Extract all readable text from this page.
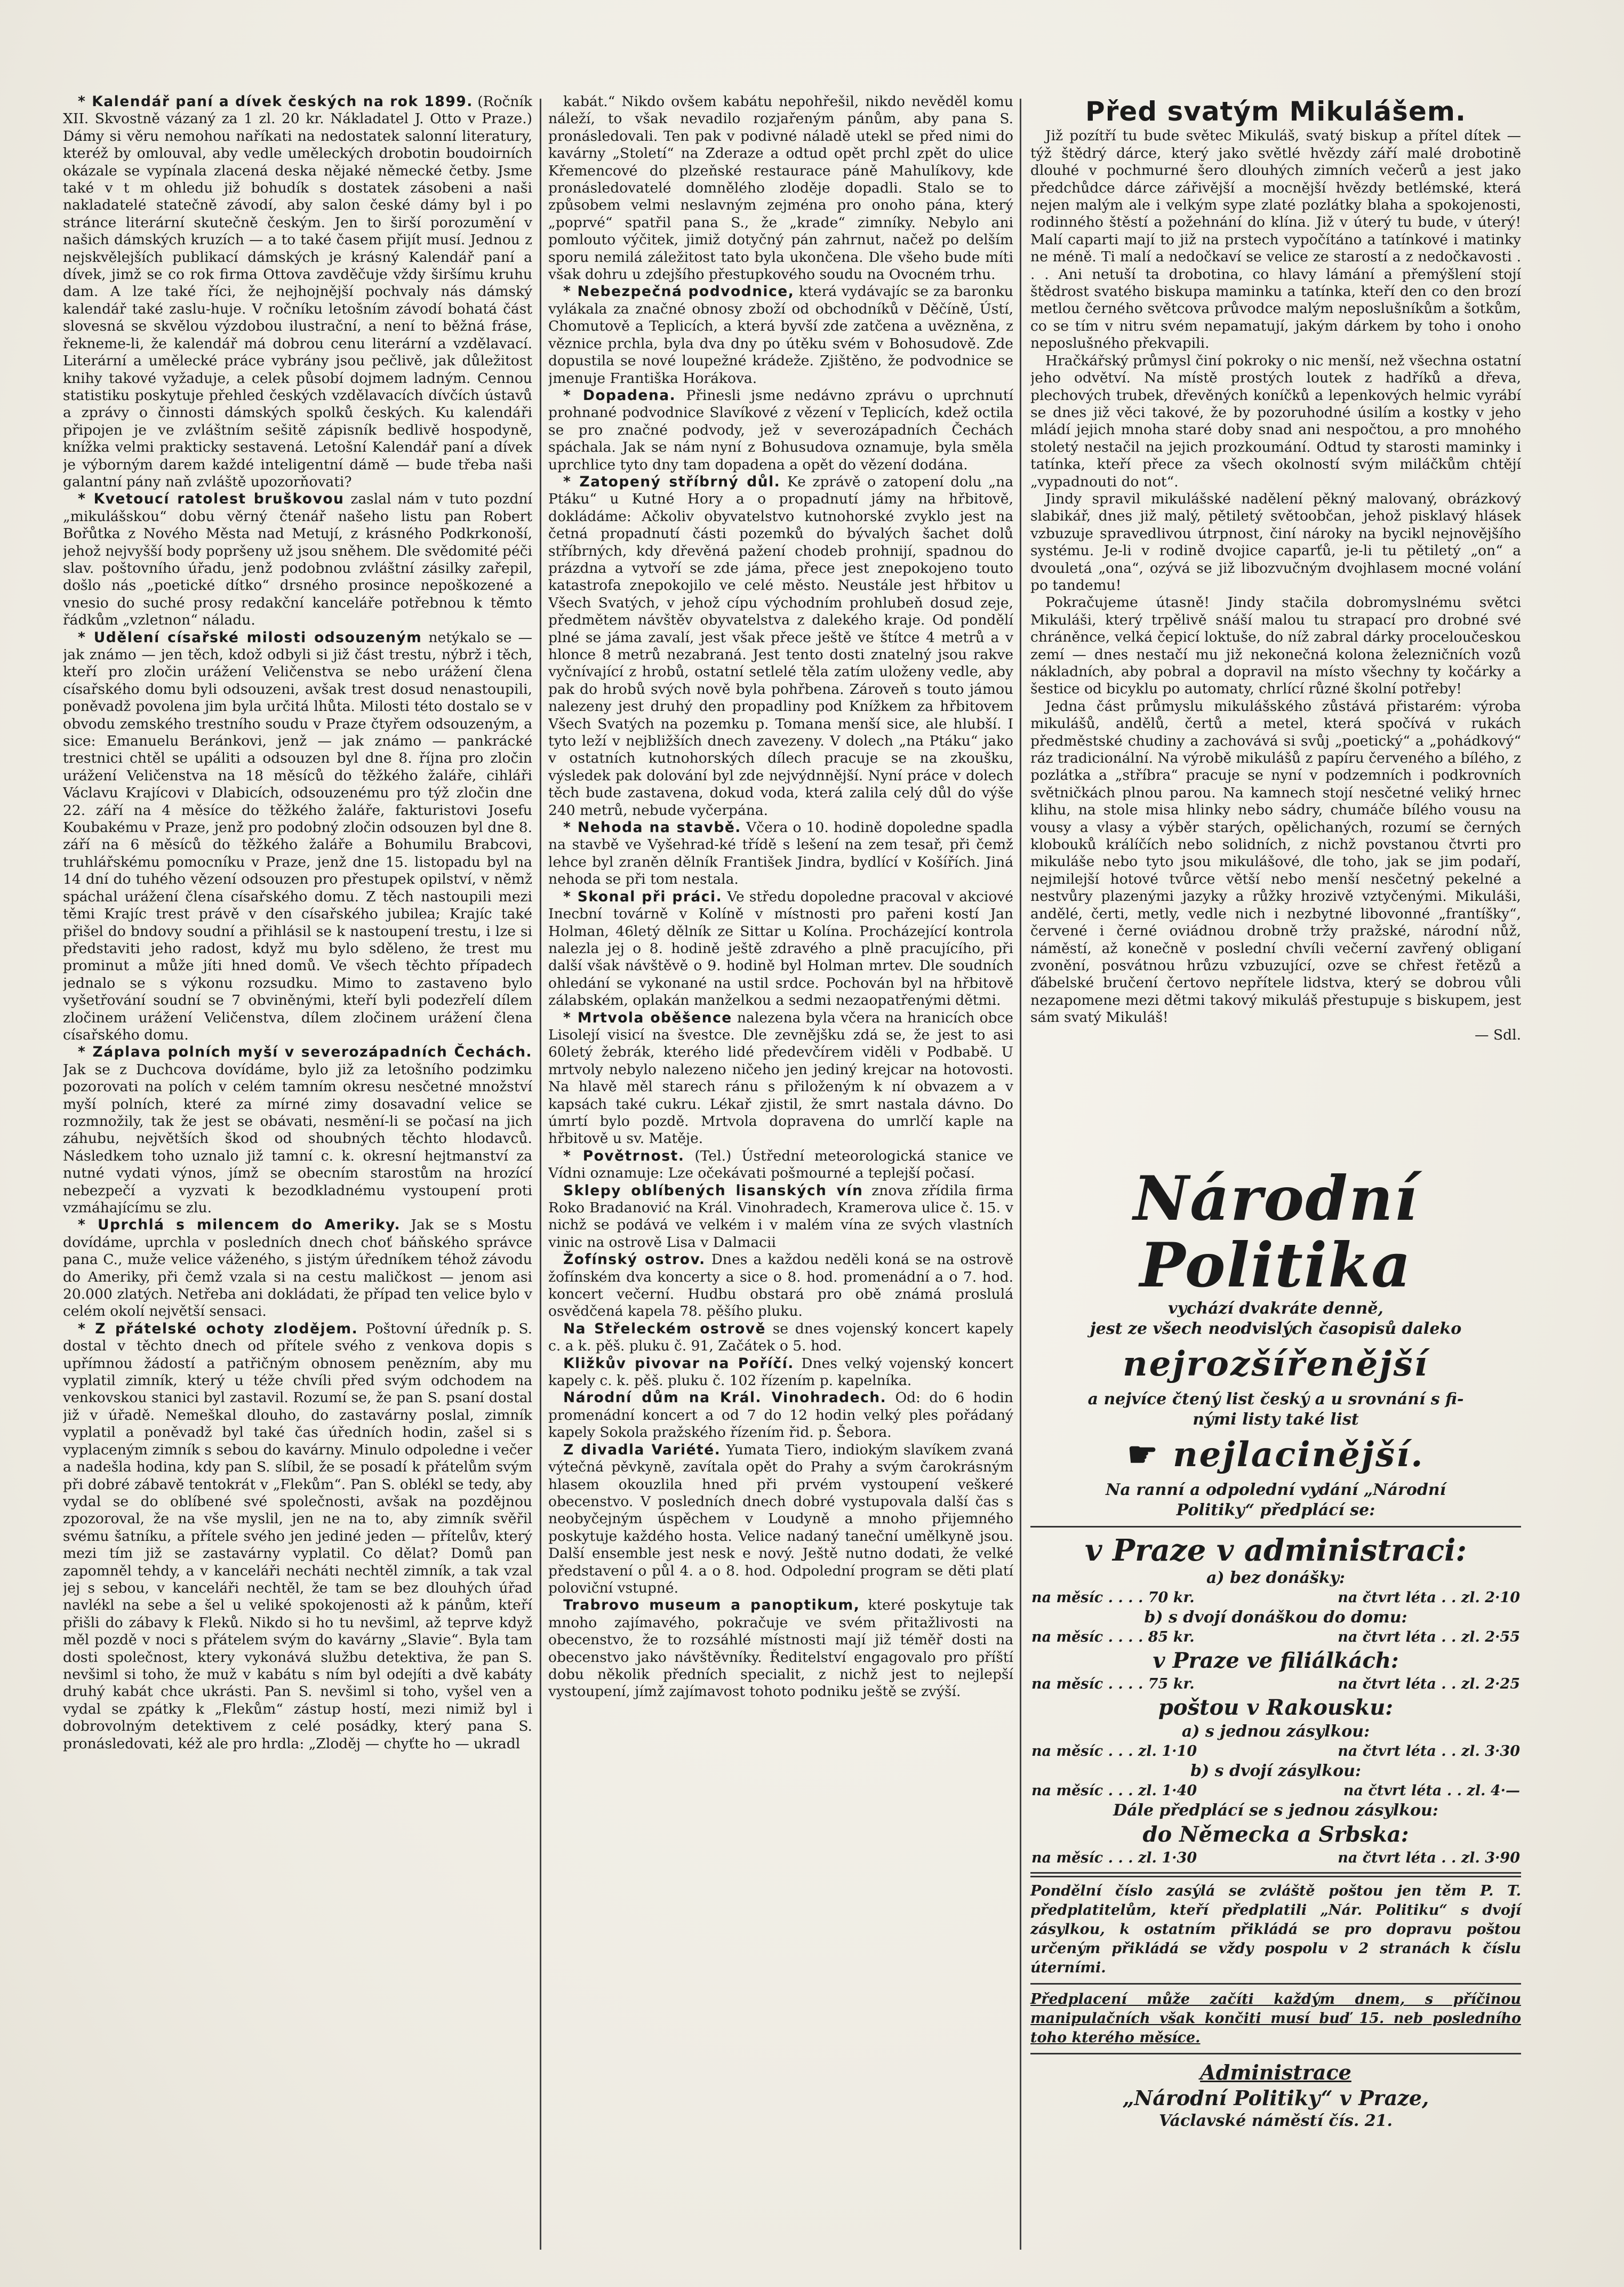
* Kalendář paní a dívek českých na rok 1899. (Ročník XII. Skvostně vázaný za 1 zl. 20 kr. Nákladatel J. Otto v Praze.) Dámy si věru nemohou naříkati na nedostatek salonní literatury, kteréž by omlouval, aby vedle uměleckých drobotin boudoirních okázale se vypínala zlacená deska nějaké německé četby. Jsme také v t m ohledu již bohudík s dostatek zásobeni a naši nakladatelé statečně závodí, aby salon české dámy byl i po stránce literární skutečně českým. Jen to širší porozumění v našich dámských kruzích — a to také časem přijít musí. Jednou z nejskvělejších publikací dámských je krásný Kalendář paní a dívek, jimž se co rok firma Ottova zavděčuje vždy širšímu kruhu dam. A lze také říci, že nejhojnější pochvaly nás dámský kalendář také zaslu-huje. V ročníku letošním závodí bohatá část slovesná se skvělou výzdobou ilustrační, a není to běžná fráse, řekneme-li, že kalendář má dobrou cenu literární a vzdělavací. Literární a umělecké práce vybrány jsou pečlivě, jak důležitost knihy takové vyžaduje, a celek působí dojmem ladným. Cennou statistiku poskytuje přehled českých vzdělavacích dívčích ústavů a zprávy o činnosti dámských spolků českých. Ku kalendáři připojen je ve zvláštním sešitě zápisník bedlivě hospodyně, knížka velmi prakticky sestavená. Letošní Kalendář paní a dívek je výborným darem každé inteligentní dámě — bude třeba naši galantní pány naň zvláště upozorňovati?

* Kvetoucí ratolest bruškovou zaslal nám v tuto pozdní „mikulášskou“ dobu věrný čtenář našeho listu pan Robert Bořůtka z Nového Města nad Metují, z krásného Podkrkonoší, jehož nejvyšší body popršeny už jsou sněhem. Dle svědomité péči slav. poštovního úřadu, jenž podobnou zvláštní zásilky zařepil, došlo nás „poetické dítko“ drsného prosince nepoškozené a vnesio do suché prosy redakční kanceláře potřebnou k těmto řádkům „vzletnon“ náladu.

* Udělení císařské milosti odsouzeným netýkalo se — jak známo — jen těch, kdož odbyli si již část trestu, nýbrž i těch, kteří pro zločin urážení Veličenstva se nebo urážení člena císařského domu byli odsouzeni, avšak trest dosud nenastoupili, poněvadž povolena jim byla určitá lhůta. Milosti této dostalo se v obvodu zemského trestního soudu v Praze čtyřem odsouzeným, a sice: Emanuelu Beránkovi, jenž — jak známo — pankrácké trestnici chtěl se upáliti a odsouzen byl dne 8. října pro zločin urážení Veličenstva na 18 měsíců do těžkého žaláře, cihláři Václavu Krajícovi v Dlabicích, odsouzenému pro týž zločin dne 22. září na 4 měsíce do těžkého žaláře, fakturistovi Josefu Koubakému v Praze, jenž pro podobný zločin odsouzen byl dne 8. září na 6 měsíců do těžkého žaláře a Bohumilu Brabcovi, truhlářskému pomocníku v Praze, jenž dne 15. listopadu byl na 14 dní do tuhého vězení odsouzen pro přestupek opilství, v němž spáchal urážení člena císařského domu. Z těch nastoupili mezi těmi Krajíc trest právě v den císařského jubilea; Krajíc také přišel do bndovy soudní a přihlásil se k nastoupení trestu, i lze si představiti jeho radost, když mu bylo sděleno, že trest mu prominut a může jíti hned domů. Ve všech těchto případech jednalo se s výkonu rozsudku. Mimo to zastaveno bylo vyšetřování soudní se 7 obviněnými, kteří byli podezřelí dílem zločinem urážení Veličenstva, dílem zločinem urážení člena císařského domu.

* Záplava polních myší v severozápadních Čechách. Jak se z Duchcova dovídáme, bylo již za letošního podzimku pozorovati na polích v celém tamním okresu nesčetné množství myší polních, které za mírné zimy dosavadní velice se rozmnožily, tak že jest se obávati, nesmění-li se počasí na jich záhubu, největších škod od shoubných těchto hlodavců. Následkem toho uznalo již tamní c. k. okresní hejtmanství za nutné vydati výnos, jímž se obecním starostům na hrozící nebezpečí a vyzvati k bezodkladnému vystoupení proti vzmáhajícímu se zlu.

* Uprchlá s milencem do Ameriky. Jak se s Mostu dovídáme, uprchla v posledních dnech choť báňského správce pana C., muže velice váženého, s jistým úředníkem téhož závodu do Ameriky, při čemž vzala si na cestu maličkost — jenom asi 20.000 zlatých. Netřeba ani dokládati, že případ ten velice bylo v celém okolí největší sensaci.

* Z přátelské ochoty zlodějem. Poštovní úředník p. S. dostal v těchto dnech od přítele svého z venkova dopis s upřímnou žádostí a patřičným obnosem penězním, aby mu vyplatil zimník, který u téže chvíli před svým odchodem na venkovskou stanici byl zastavil. Rozumí se, že pan S. psaní dostal již v úřadě. Nemeškal dlouho, do zastavárny poslal, zimník vyplatil a poněvadž byl také čas úředních hodin, zašel si s vyplaceným zimník s sebou do kavárny. Minulo odpoledne i večer a nadešla hodina, kdy pan S. slíbil, že se posadí k přátelům svým při dobré zábavě tentokrát v „Flekům“. Pan S. oblékl se tedy, aby vydal se do oblíbené své společnosti, avšak na pozdějnou zpozoroval, že na vše myslil, jen ne na to, aby zimník svěřil svému šatníku, a přítele svého jen jediné jeden — přítelův, který mezi tím již se zastavárny vyplatil. Co dělat? Domů pan zapomněl tehdy, a v kanceláři necháti nechtěl zimník, a tak vzal jej s sebou, v kanceláři nechtěl, že tam se bez dlouhých úřad navlékl na sebe a šel u veliké spokojenosti až k pánům, kteří přišli do zábavy k Fleků. Nikdo si ho tu nevšiml, až teprve když měl pozdě v noci s přátelem svým do kavárny „Slavie“. Byla tam dosti společnost, ktery vykonává službu detektiva, že pan S. nevšiml si toho, že muž v kabátu s ním byl odejíti a dvě kabáty druhý kabát chce ukrásti. Pan S. nevšiml si toho, vyšel ven a vydal se zpátky k „Flekům“ zástup hostí, mezi nimiž byl i dobrovolným detektivem z celé posádky, který pana S. pronásledovati, kéž ale pro hrdla: „Zloděj — chyťte ho — ukradl

kabát.“ Nikdo ovšem kabátu nepohřešil, nikdo nevěděl komu náleží, to však nevadilo rozjařeným pánům, aby pana S. pronásledovali. Ten pak v podivné náladě utekl se před nimi do kavárny „Století“ na Zderaze a odtud opět prchl zpět do ulice Křemencové do plzeňské restaurace páně Mahulíkovy, kde pronásledovatelé domnělého zloděje dopadli. Stalo se to způsobem velmi neslavným zejména pro onoho pána, který „poprvé“ spatřil pana S., že „krade“ zimníky. Nebylo ani pomlouto výčitek, jimiž dotyčný pán zahrnut, načež po delším sporu nemilá záležitost tato byla ukončena. Dle všeho bude míti však dohru u zdejšího přestupkového soudu na Ovocném trhu.

* Nebezpečná podvodnice, která vydávajíc se za baronku vylákala za značné obnosy zboží od obchodníků v Děčíně, Ústí, Chomutově a Teplicích, a která byvší zde zatčena a uvězněna, z věznice prchla, byla dva dny po útěku svém v Bohosudově. Zde dopustila se nové loupežné krádeže. Zjištěno, že podvodnice se jmenuje Františka Horákova.

* Dopadena. Přinesli jsme nedávno zprávu o uprchnutí prohnané podvodnice Slavíkové z vězení v Teplicích, kdež octila se pro značné podvody, jež v severozápadních Čechách spáchala. Jak se nám nyní z Bohusudova oznamuje, byla směla uprchlice tyto dny tam dopadena a opět do vězení dodána.

* Zatopený stříbrný důl. Ke zprávě o zatopení dolu „na Ptáku“ u Kutné Hory a o propadnutí jámy na hřbitově, dokládáme: Ačkoliv obyvatelstvo kutnohorské zvyklo jest na četná propadnutí části pozemků do bývalých šachet dolů stříbrných, kdy dřevěná pažení chodeb prohnijí, spadnou do prázdna a vytvoří se zde jáma, přece jest znepokojeno touto katastrofa znepokojilo ve celé město. Neustále jest hřbitov u Všech Svatých, v jehož cípu východním prohlubeň dosud zeje, předmětem návštěv obyvatelstva z dalekého kraje. Od pondělí plné se jáma zavalí, jest však přece ještě ve štítce 4 metrů a v hlonce 8 metrů nezabraná. Jest tento dosti znatelný jsou rakve vyčnívající z hrobů, ostatní setlelé těla zatím uloženy vedle, aby pak do hrobů svých nově byla pohřbena. Zároveň s touto jámou nalezeny jest druhý den propadliny pod Knížkem za hřbitovem Všech Svatých na pozemku p. Tomana menší sice, ale hlubší. I tyto leží v nejbližších dnech zavezeny. V dolech „na Ptáku“ jako v ostatních kutnohorských dílech pracuje se na zkoušku, výsledek pak dolování byl zde nejvýdnnější. Nyní práce v dolech těch bude zastavena, dokud voda, která zalila celý důl do výše 240 metrů, nebude vyčerpána.

* Nehoda na stavbě. Včera o 10. hodině dopoledne spadla na stavbě ve Vyšehrad-ké třídě s lešení na zem tesař, při čemž lehce byl zraněn dělník František Jindra, bydlící v Košířích. Jiná nehoda se při tom nestala.

* Skonal při práci. Ve středu dopoledne pracoval v akciové Inecbní továrně v Kolíně v místnosti pro pařeni kostí Jan Holman, 46letý dělník ze Sittar u Kolína. Procházející kontrola nalezla jej o 8. hodině ještě zdravého a plně pracujícího, při další však návštěvě o 9. hodině byl Holman mrtev. Dle soudních ohledání se vykonané na ustil srdce. Pochován byl na hřbitově zálabském, oplakán manželkou a sedmi nezaopatřenými dětmi.

* Mrtvola oběšence nalezena byla včera na hranicích obce Lisolejí visicí na švestce. Dle zevnějšku zdá se, že jest to asi 60letý žebrák, kterého lidé předevčírem viděli v Podbabě. U mrtvoly nebylo nalezeno ničeho jen jediný krejcar na hotovosti. Na hlavě měl starech ránu s přiloženým k ní obvazem a v kapsách také cukru. Lékař zjistil, že smrt nastala dávno. Do úmrtí bylo pozdě. Mrtvola dopravena do umrlčí kaple na hřbitově u sv. Matěje.

* Povětrnost. (Tel.) Ústřední meteorologická stanice ve Vídni oznamuje: Lze očekávati pošmourné a teplejší počasí.

Sklepy oblíbených lisanských vín znova zřídila firma Roko Bradanović na Král. Vinohradech, Kramerova ulice č. 15. v nichž se podává ve velkém i v malém vína ze svých vlastních vinic na ostrově Lisa v Dalmacii

Žofínský ostrov. Dnes a každou neděli koná se na ostrově žofínském dva koncerty a sice o 8. hod. promenádní a o 7. hod. koncert večerní. Hudbu obstará pro obě známá proslulá osvědčená kapela 78. pěšího pluku.

Na Střeleckém ostrově se dnes vojenský koncert kapely c. a k. pěš. pluku č. 91, Začátek o 5. hod.

Kližkův pivovar na Poříčí. Dnes velký vojenský koncert kapely c. k. pěš. pluku č. 102 řízením p. kapelníka.

Národní dům na Král. Vinohradech. Od: do 6 hodin promenádní koncert a od 7 do 12 hodin velký ples pořádaný kapely Sokola pražského řízením řid. p. Šebora.

Z divadla Variété. Yumata Tiero, indiokým slavíkem zvaná výtečná pěvkyně, zavítala opět do Prahy a svým čarokrásným hlasem okouzlila hned při prvém vystoupení veškeré obecenstvo. V posledních dnech dobré vystupovala další čas s neobyčejným úspěchem v Loudyně a mnoho přijemného poskytuje každého hosta. Velice nadaný taneční umělkyně jsou. Další ensemble jest nesk e nový. Ještě nutno dodati, že velké představení o půl 4. a o 8. hod. Odpolední program se děti platí poloviční vstupné.

Trabrovo museum a panoptikum, které poskytuje tak mnoho zajímavého, pokračuje ve svém přitažlivosti na obecenstvo, že to rozsáhlé místnosti mají již téměř dosti na obecenstvo jako návštěvníky. Ředitelství engagovalo pro příští dobu několik předních specialit, z nichž jest to nejlepší vystoupení, jímž zajímavost tohoto podniku ještě se zvýší.

Před svatým Mikulášem.

Již pozítří tu bude světec Mikuláš, svatý biskup a přítel dítek — týž štědrý dárce, který jako světlé hvězdy září malé drobotině dlouhé v pochmurné šero dlouhých zimních večerů a jest jako předchůdce dárce zářivější a mocnější hvězdy betlémské, která nejen malým ale i velkým sype zlaté pozlátky blaha a spokojenosti, rodinného štěstí a požehnání do klína. Již v úterý tu bude, v úterý! Malí caparti mají to již na prstech vypočítáno a tatínkové i matinky ne méně. Ti malí a nedočkaví se velice ze starostí a z nedočkavosti . . . Ani netuší ta drobotina, co hlavy lámání a přemýšlení stojí štědrost svatého biskupa maminku a tatínka, kteří den co den brozí metlou černého světcova průvodce malým neposlušníkům a šotkům, co se tím v nitru svém nepamatují, jakým dárkem by toho i onoho neposlušného překvapili.

Hračkářský průmysl činí pokroky o nic menší, než všechna ostatní jeho odvětví. Na místě prostých loutek z hadříků a dřeva, plechových trubek, dřevěných koníčků a lepenkových helmic vyrábí se dnes již věci takové, že by pozoruhodné úsilím a kostky v jeho mládí jejich mnoha staré doby snad ani nespočtou, a pro mnohého stoletý nestačil na jejich prozkoumání. Odtud ty starosti maminky i tatínka, kteří přece za všech okolností svým miláčkům chtějí „vypadnouti do not“.

Jindy spravil mikulášské nadělení pěkný malovaný, obrázkový slabikář, dnes již malý, pětiletý světoobčan, jehož pisklavý hlásek vzbuzuje spravedlivou útrpnost, činí nároky na bycikl nejnovějšího systému. Je-li v rodině dvojice caparťů, je-li tu pětiletý „on“ a dvouletá „ona“, ozývá se již libozvučným dvojhlasem mocné volání po tandemu!

Pokračujeme útasně! Jindy stačila dobromyslnému světci Mikuláši, který trpělivě snáší malou tu strapací pro drobné své chráněnce, velká čepicí loktuše, do níž zabral dárky proceloučeskou zemí — dnes nestačí mu již nekonečná kolona železničních vozů nákladních, aby pobral a dopravil na místo všechny ty kočárky a šestice od bicyklu po automaty, chrlící různé školní potřeby!

Jedna část průmyslu mikulášského zůstává přistarém: výroba mikulášů, andělů, čertů a metel, která spočívá v rukách předměstské chudiny a zachovává si svůj „poetický“ a „pohádkový“ ráz tradicionální. Na výrobě mikulášů z papíru červeného a bílého, z pozlátka a „stříbra“ pracuje se nyní v podzemních i podkrovních světničkách plnou parou. Na kamnech stojí nesčetné veliký hrnec klihu, na stole misa hlinky nebo sádry, chumáče bílého vousu na vousy a vlasy a výběr starých, opělichaných, rozumí se černých klobouků králíčích nebo solidních, z nichž povstanou čtvrti pro mikuláše nebo tyto jsou mikulášové, dle toho, jak se jim podaří, nejmilejší hotové tvůrce větší nebo menší nesčetný pekelné a nestvůry plazenými jazyky a růžky hrozivě vztyčenými. Mikuláši, andělé, čerti, metly, vedle nich i nezbytné libovonné „frantíšky“, červené i černé oviádnou drobně tržy pražské, národní nůž, náměstí, až konečně v poslední chvíli večerní zavřený obliganí zvonění, posvátnou hrůzu vzbuzující, ozve se chřest řetězů a ďábelské bručení čertovo nepřítele lidstva, který se dobrou vůli nezapomene mezi dětmi takový mikuláš přestupuje s biskupem, jest sám svatý Mikuláš!

— Sdl.

Národní Politika

vychází dvakráte denně,

jest ze všech neodvislých časopisů daleko

nejrozšířenější

a nejvíce čtený list český a u srovnání s fi-

nými listy také list

☛ nejlacinější.

Na ranní a odpolední vydání „Národní

Politiky“ předplácí se:

v Praze v administraci:

a) bez donášky:

na měsíc . . . . 70 kr.	na čtvrt léta . . zl. 2·10

b) s dvojí donáškou do domu:

na měsíc . . . . 85 kr.	na čtvrt léta . . zl. 2·55

v Praze ve filiálkách:

na měsíc . . . . 75 kr.	na čtvrt léta . . zl. 2·25

poštou v Rakousku:

a) s jednou zásylkou:

na měsíc . . . zl. 1·10	na čtvrt léta . . zl. 3·30

b) s dvojí zásylkou:

na měsíc . . . zl. 1·40	na čtvrt léta . . zl. 4·—

Dále předplácí se s jednou zásylkou:

do Německa a Srbska:

na měsíc . . . zl. 1·30	na čtvrt léta . . zl. 3·90
Pondělní číslo zasýlá se zvláště poštou jen těm P. T. předplatitelům, kteří předplatili „Nár. Politiku“ s dvojí zásylkou, k ostatním přikládá se pro dopravu poštou určeným přikládá se vždy pospolu v 2 stranách k číslu úterními.
Předplacení může začíti každým dnem, s příčinou manipulačních však končiti musí buď 15. neb posledního toho kterého měsíce.

Administrace

„Národní Politiky“ v Praze,

Václavské náměstí čís. 21.
